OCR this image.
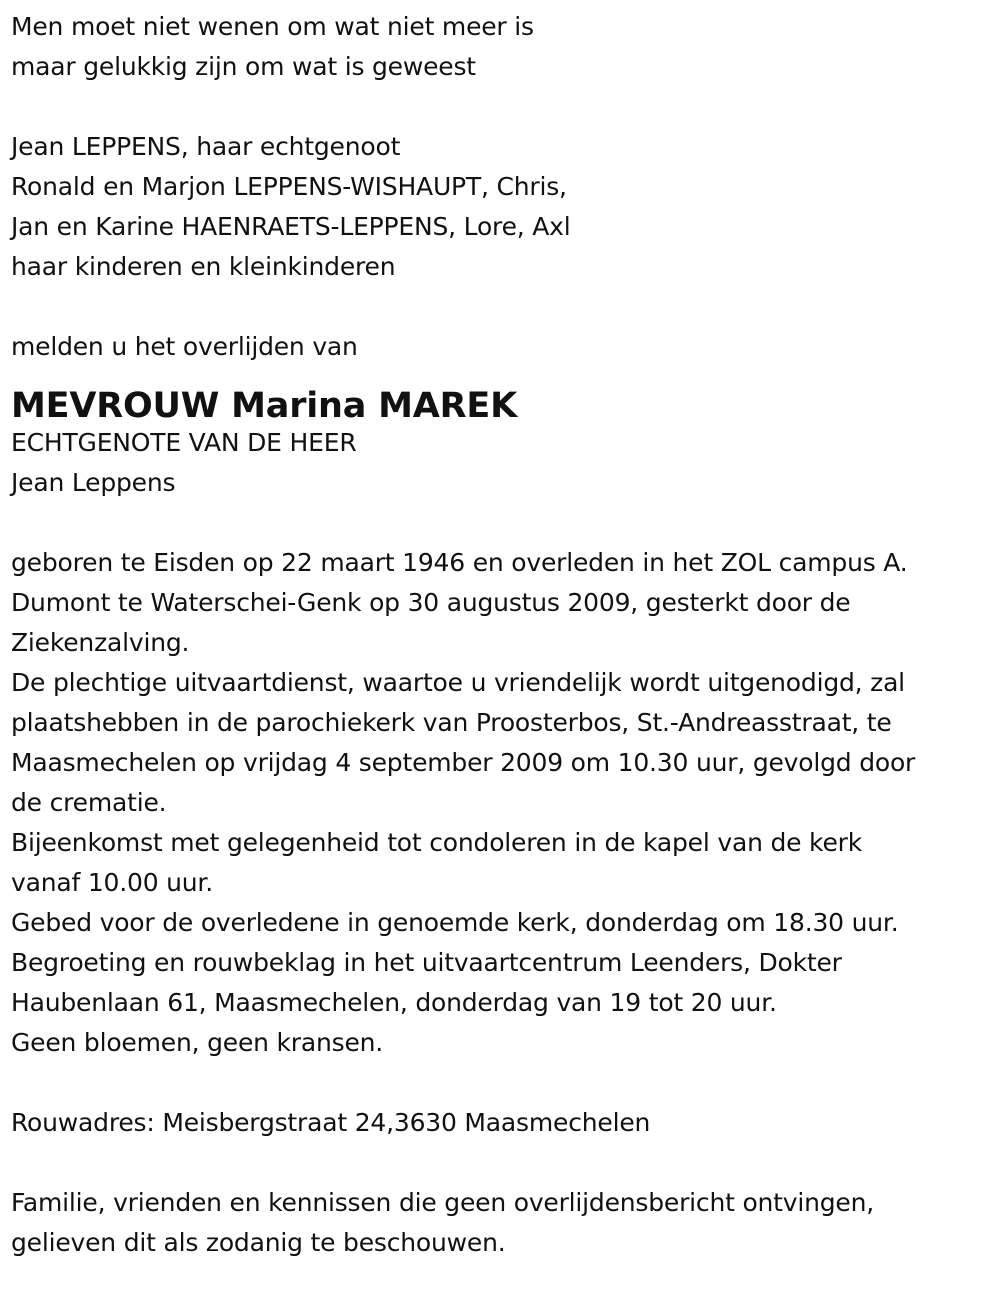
Men moet niet wenen om wat niet meer is
maar gelukkig zijn om wat is geweest
Jean LEPPENS, haar echtgenoot
Ronald en Marjon LEPPENS-WISHAUPT, Chris,
Jan en Karine HAENRAETS-LEPPENS, Lore, Axl
haar kinderen en kleinkinderen
melden u het overlijden van
MEVROUW Marina MAREK
ECHTGENOTE VAN DE HEER
Jean Leppens
geboren te Eisden op 22 maart 1946 en overleden in het ZOL campus A.
Dumont te Waterschei-Genk op 30 augustus 2009, gesterkt door de
Ziekenzalving.
De plechtige uitvaartdienst, waartoe u vriendelijk wordt uitgenodigd, zal
plaatshebben in de parochiekerk van Proosterbos, St.-Andreasstraat, te
Maasmechelen op vrijdag 4 september 2009 om 10.30 uur, gevolgd door
de crematie.
Bijeenkomst met gelegenheid tot condoleren in de kapel van de kerk
vanaf 10.00 uur.
Gebed voor de overledene in genoemde kerk, donderdag om 18.30 uur.
Begroeting en rouwbeklag in het uitvaartcentrum Leenders, Dokter
Haubenlaan 61, Maasmechelen, donderdag van 19 tot 20 uur.
Geen bloemen, geen kransen.
Rouwadres: Meisbergstraat 24,3630 Maasmechelen
Familie, vrienden en kennissen die geen overlijdensbericht ontvingen,
gelieven dit als zodanig te beschouwen.
